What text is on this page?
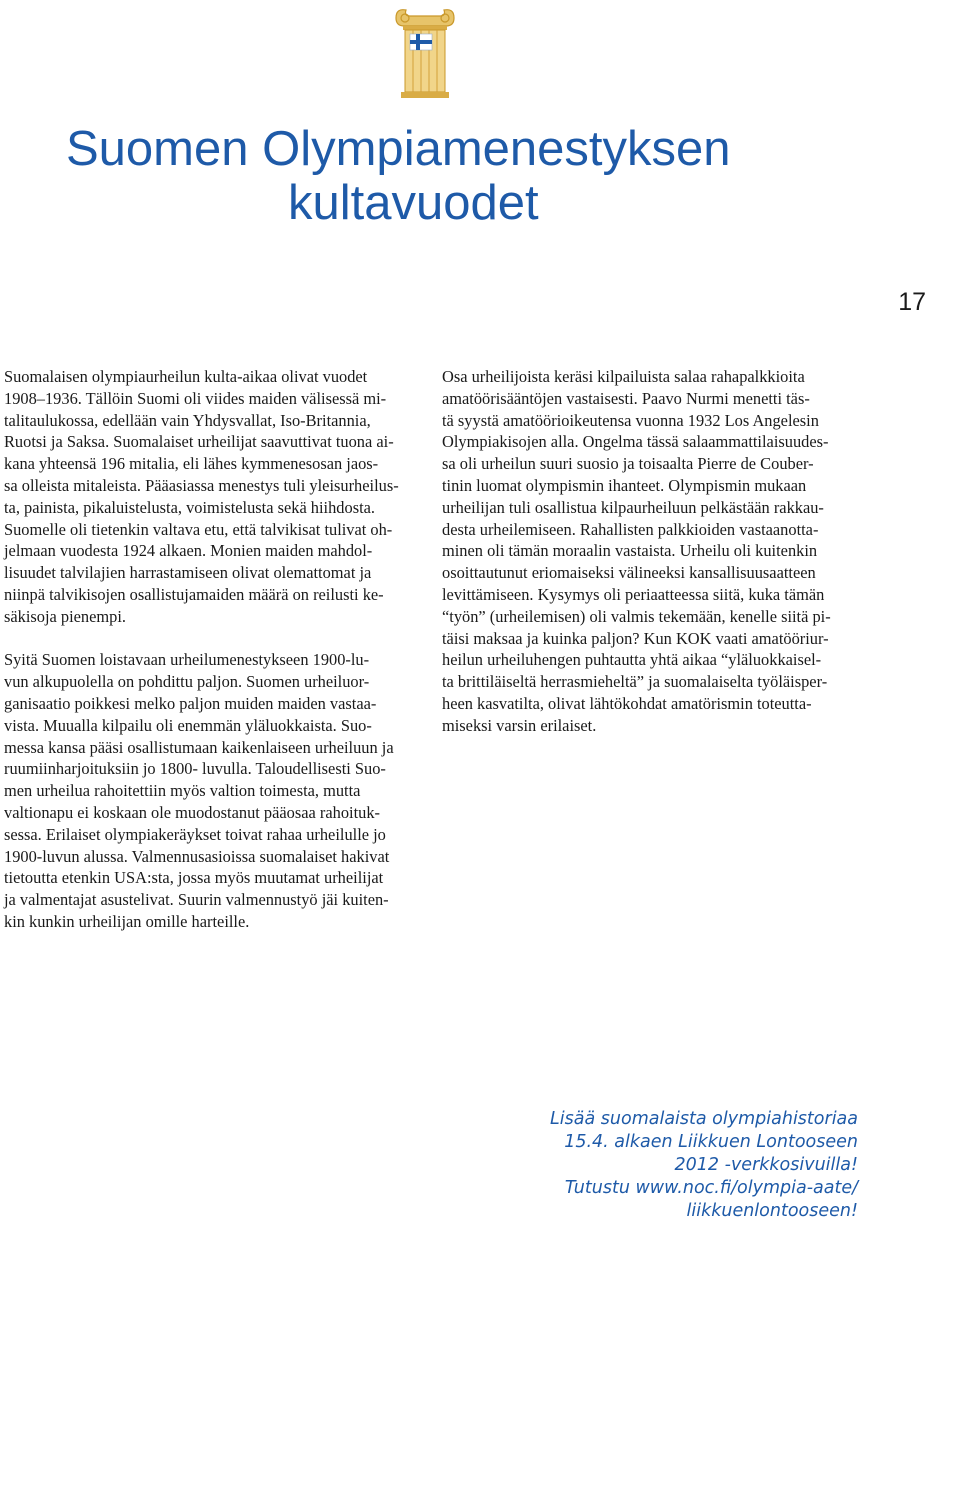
Suomen Olympiamenestyksen
kultavuodet
17

Suomalaisen olympiaurheilun kulta-aikaa olivat vuodet
1908–1936. Tällöin Suomi oli viides maiden välisessä mi-
talitaulukossa, edellään vain Yhdysvallat, Iso-Britannia,
Ruotsi ja Saksa. Suomalaiset urheilijat saavuttivat tuona ai-
kana yhteensä 196 mitalia, eli lähes kymmenesosan jaos-
sa olleista mitaleista. Pääasiassa menestys tuli yleisurheilus-
ta, painista, pikaluistelusta, voimistelusta sekä hiihdosta.
Suomelle oli tietenkin valtava etu, että talvikisat tulivat oh-
jelmaan vuodesta 1924 alkaen. Monien maiden mahdol-
lisuudet talvilajien harrastamiseen olivat olemattomat ja
niinpä talvikisojen osallistujamaiden määrä on reilusti ke-
säkisoja pienempi.

Syitä Suomen loistavaan urheilumenestykseen 1900-lu-
vun alkupuolella on pohdittu paljon. Suomen urheiluor-
ganisaatio poikkesi melko paljon muiden maiden vastaa-
vista. Muualla kilpailu oli enemmän yläluokkaista. Suo-
messa kansa pääsi osallistumaan kaikenlaiseen urheiluun ja
ruumiinharjoituksiin jo 1800- luvulla. Taloudellisesti Suo-
men urheilua rahoitettiin myös valtion toimesta, mutta
valtionapu ei koskaan ole muodostanut pääosaa rahoituk-
sessa. Erilaiset olympiakeräykset toivat rahaa urheilulle jo
1900-luvun alussa. Valmennusasioissa suomalaiset hakivat
tietoutta etenkin USA:sta, jossa myös muutamat urheilijat
ja valmentajat asustelivat. Suurin valmennustyö jäi kuiten-
kin kunkin urheilijan omille harteille.

Osa urheilijoista keräsi kilpailuista salaa rahapalkkioita
amatöörisääntöjen vastaisesti. Paavo Nurmi menetti täs-
tä syystä amatöörioikeutensa vuonna 1932 Los Angelesin
Olympiakisojen alla. Ongelma tässä salaammattilaisuudes-
sa oli urheilun suuri suosio ja toisaalta Pierre de Couber-
tinin luomat olympismin ihanteet. Olympismin mukaan
urheilijan tuli osallistua kilpaurheiluun pelkästään rakkau-
desta urheilemiseen. Rahallisten palkkioiden vastaanotta-
minen oli tämän moraalin vastaista. Urheilu oli kuitenkin
osoittautunut eriomaiseksi välineeksi kansallisuusaatteen
levittämiseen. Kysymys oli periaatteessa siitä, kuka tämän
“työn” (urheilemisen) oli valmis tekemään, kenelle siitä pi-
täisi maksaa ja kuinka paljon? Kun KOK vaati amatööriur-
heilun urheiluhengen puhtautta yhtä aikaa “yläluokkaisel-
ta brittiläiseltä herrasmieheltä” ja suomalaiselta työläisper-
heen kasvatilta, olivat lähtökohdat amatörismin toteutta-
miseksi varsin erilaiset.

Lisää suomalaista olympiahistoriaa
15.4. alkaen Liikkuen Lontooseen
2012 -verkkosivuilla!
Tutustu www.noc.fi/olympia-aate/
liikkuenlontooseen!
